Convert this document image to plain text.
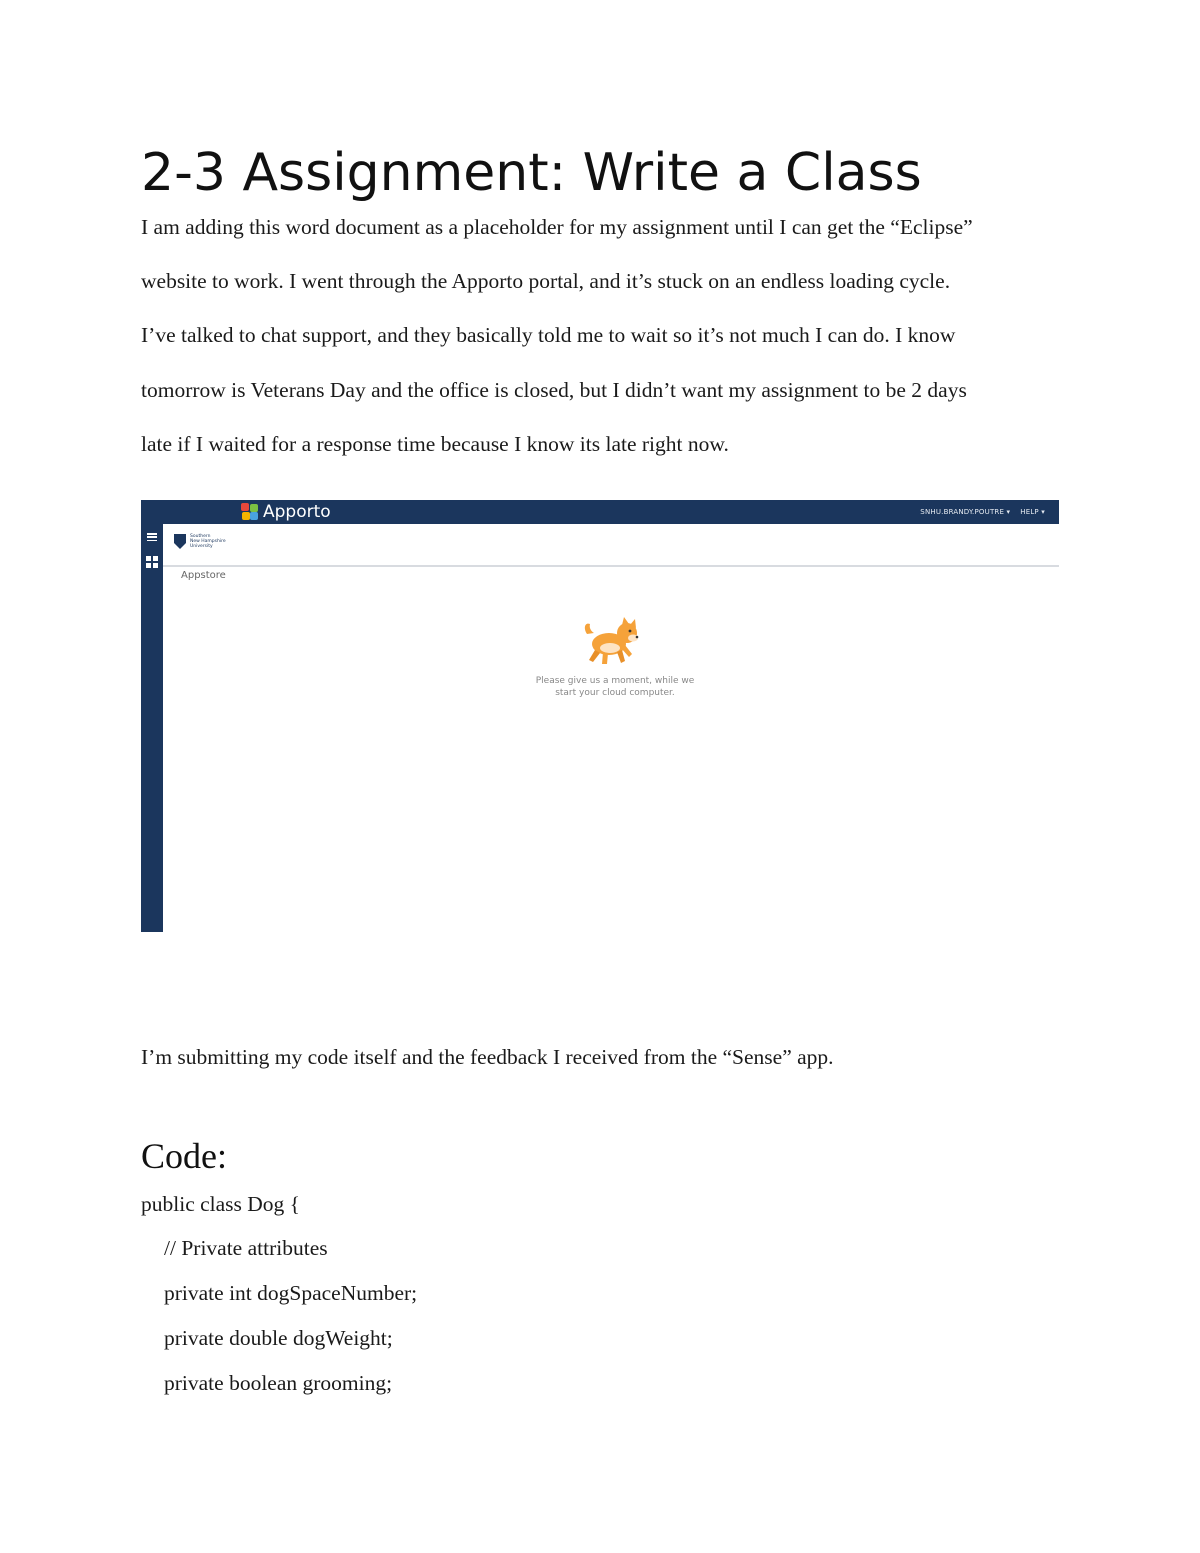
2-3 Assignment: Write a Class

I am adding this word document as a placeholder for my assignment until I can get the “Eclipse”
website to work. I went through the Apporto portal, and it’s stuck on an endless loading cycle.
I’ve talked to chat support, and they basically told me to wait so it’s not much I can do. I know
tomorrow is Veterans Day and the office is closed, but I didn’t want my assignment to be 2 days
late if I waited for a response time because I know its late right now.

Apporto	SNHU.BRANDY.POUTRE ▾ HELP ▾
Southern
New Hampshire
University
Appstore
Please give us a moment, while we
start your cloud computer.

I’m submitting my code itself and the feedback I received from the “Sense” app.

Code:

public class Dog {

// Private attributes

private int dogSpaceNumber;

private double dogWeight;

private boolean grooming;
